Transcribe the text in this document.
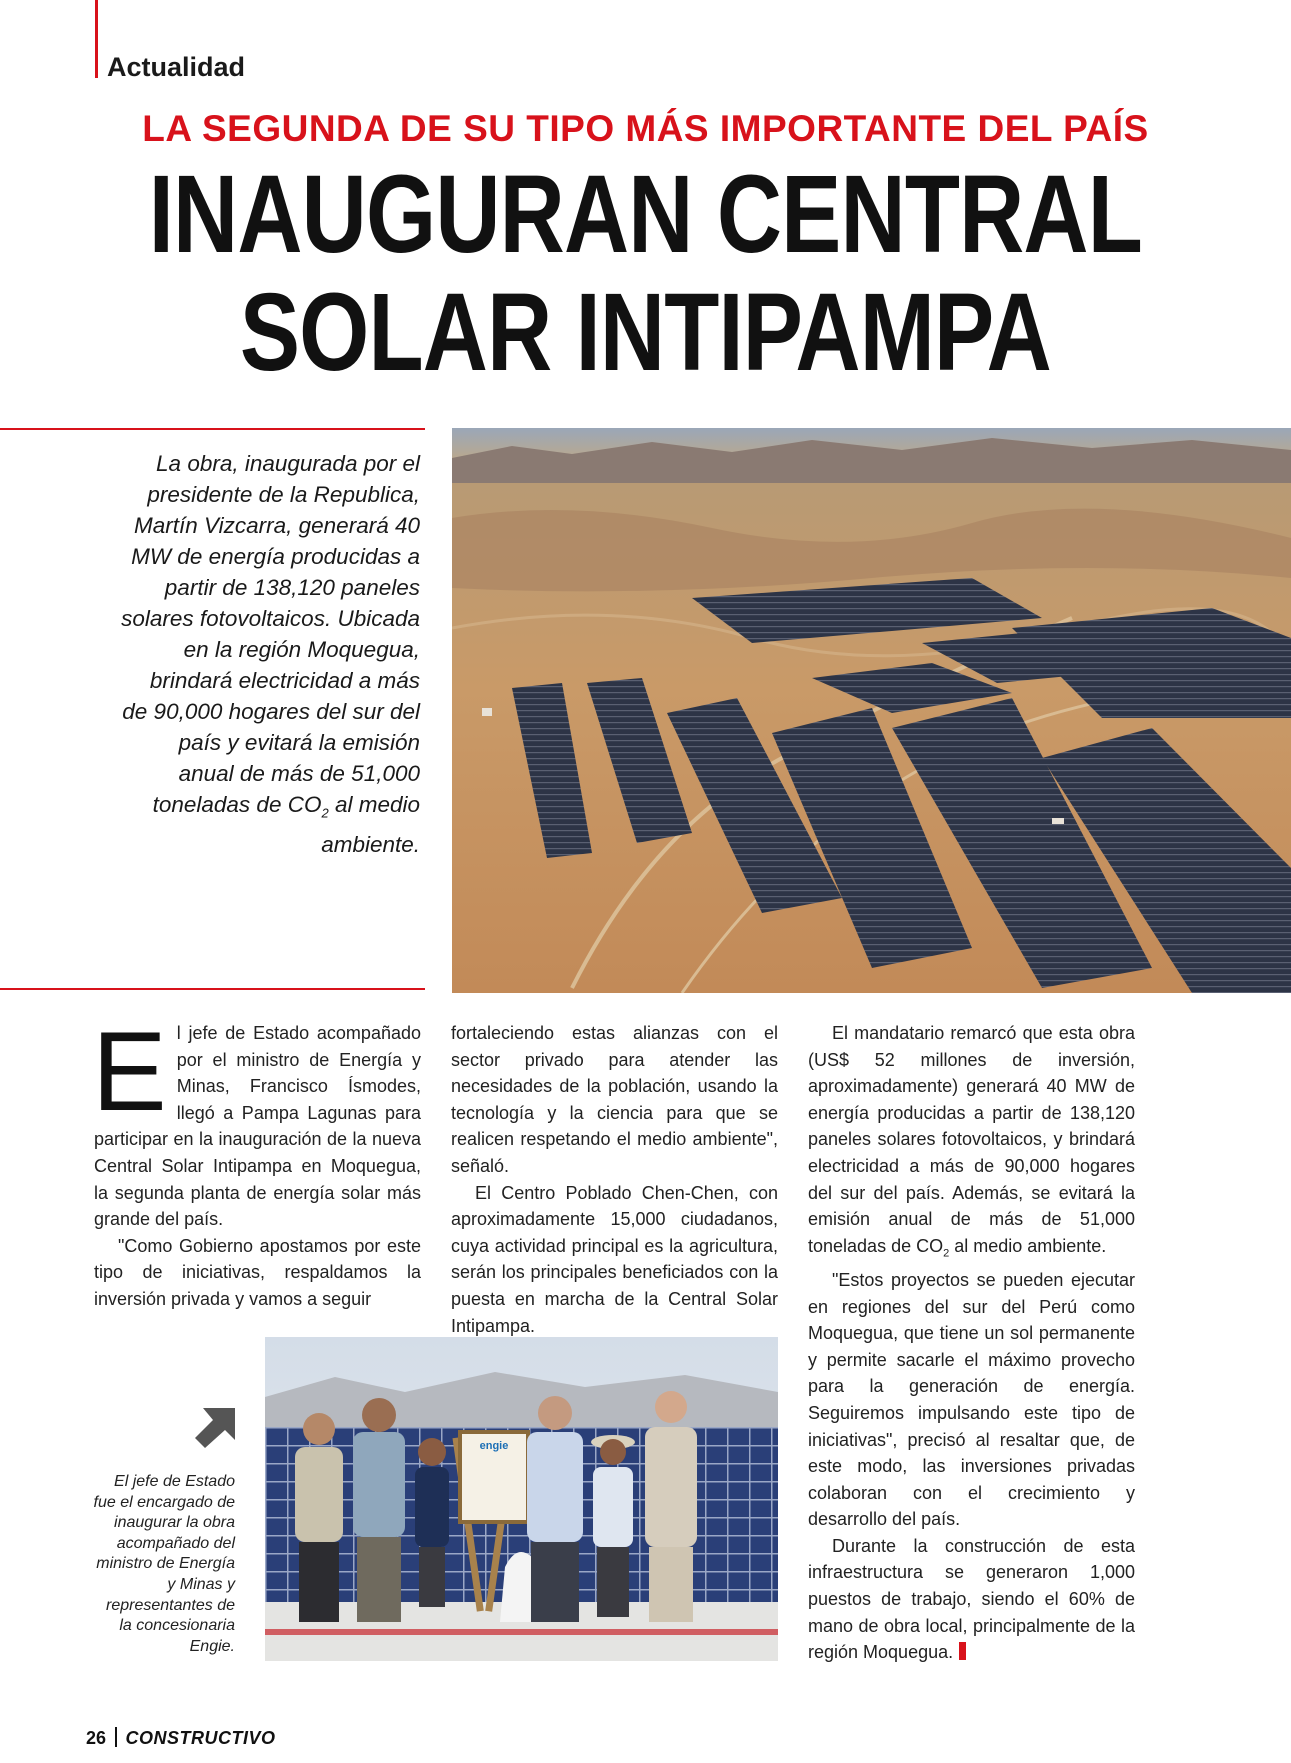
Actualidad
LA SEGUNDA DE SU TIPO MÁS IMPORTANTE DEL PAÍS
INAUGURAN CENTRAL
SOLAR INTIPAMPA
La obra, inaugurada por el presidente de la Republica, Martín Vizcarra, generará 40 MW de energía producidas a partir de 138,120 paneles solares fotovoltaicos. Ubicada en la región Moquegua, brindará electricidad a más de 90,000 hogares del sur del país y evitará la emisión anual de más de 51,000 toneladas de $CO_2$ al medio ambiente.

El jefe de Estado acompañado por el ministro de Energía y Minas, Francisco Ísmodes, llegó a Pampa Lagunas para participar en la inauguración de la nueva Central Solar Intipampa en Moquegua, la segunda planta de energía solar más grande del país.

"Como Gobierno apostamos por este tipo de iniciativas, respaldamos la inversión privada y vamos a seguir

fortaleciendo estas alianzas con el sector privado para atender las necesidades de la población, usando la tecnología y la ciencia para que se realicen respetando el medio ambiente", señaló.

El Centro Poblado Chen-Chen, con aproximadamente 15,000 ciudadanos, cuya actividad principal es la agricultura, serán los principales beneficiados con la puesta en marcha de la Central Solar Intipampa.

El mandatario remarcó que esta obra (US$ 52 millones de inversión, aproximadamente) generará 40 MW de energía producidas a partir de 138,120 paneles solares fotovoltaicos, y brindará electricidad a más de 90,000 hogares del sur del país. Además, se evitará la emisión anual de más de 51,000 toneladas de $CO_2$ al medio ambiente.

"Estos proyectos se pueden ejecutar en regiones del sur del Perú como Moquegua, que tiene un sol permanente y permite sacarle el máximo provecho para la generación de energía. Seguiremos impulsando este tipo de iniciativas", precisó al resaltar que, de este modo, las inversiones privadas colaboran con el crecimiento y desarrollo del país.

Durante la construcción de esta infraestructura se generaron 1,000 puestos de trabajo, siendo el 60% de mano de obra local, principalmente de la región Moquegua.

engie
El jefe de Estado fue el encargado de inaugurar la obra acompañado del ministro de Energía y Minas y representantes de la concesionaria Engie.
26 CONSTRUCTIVO
